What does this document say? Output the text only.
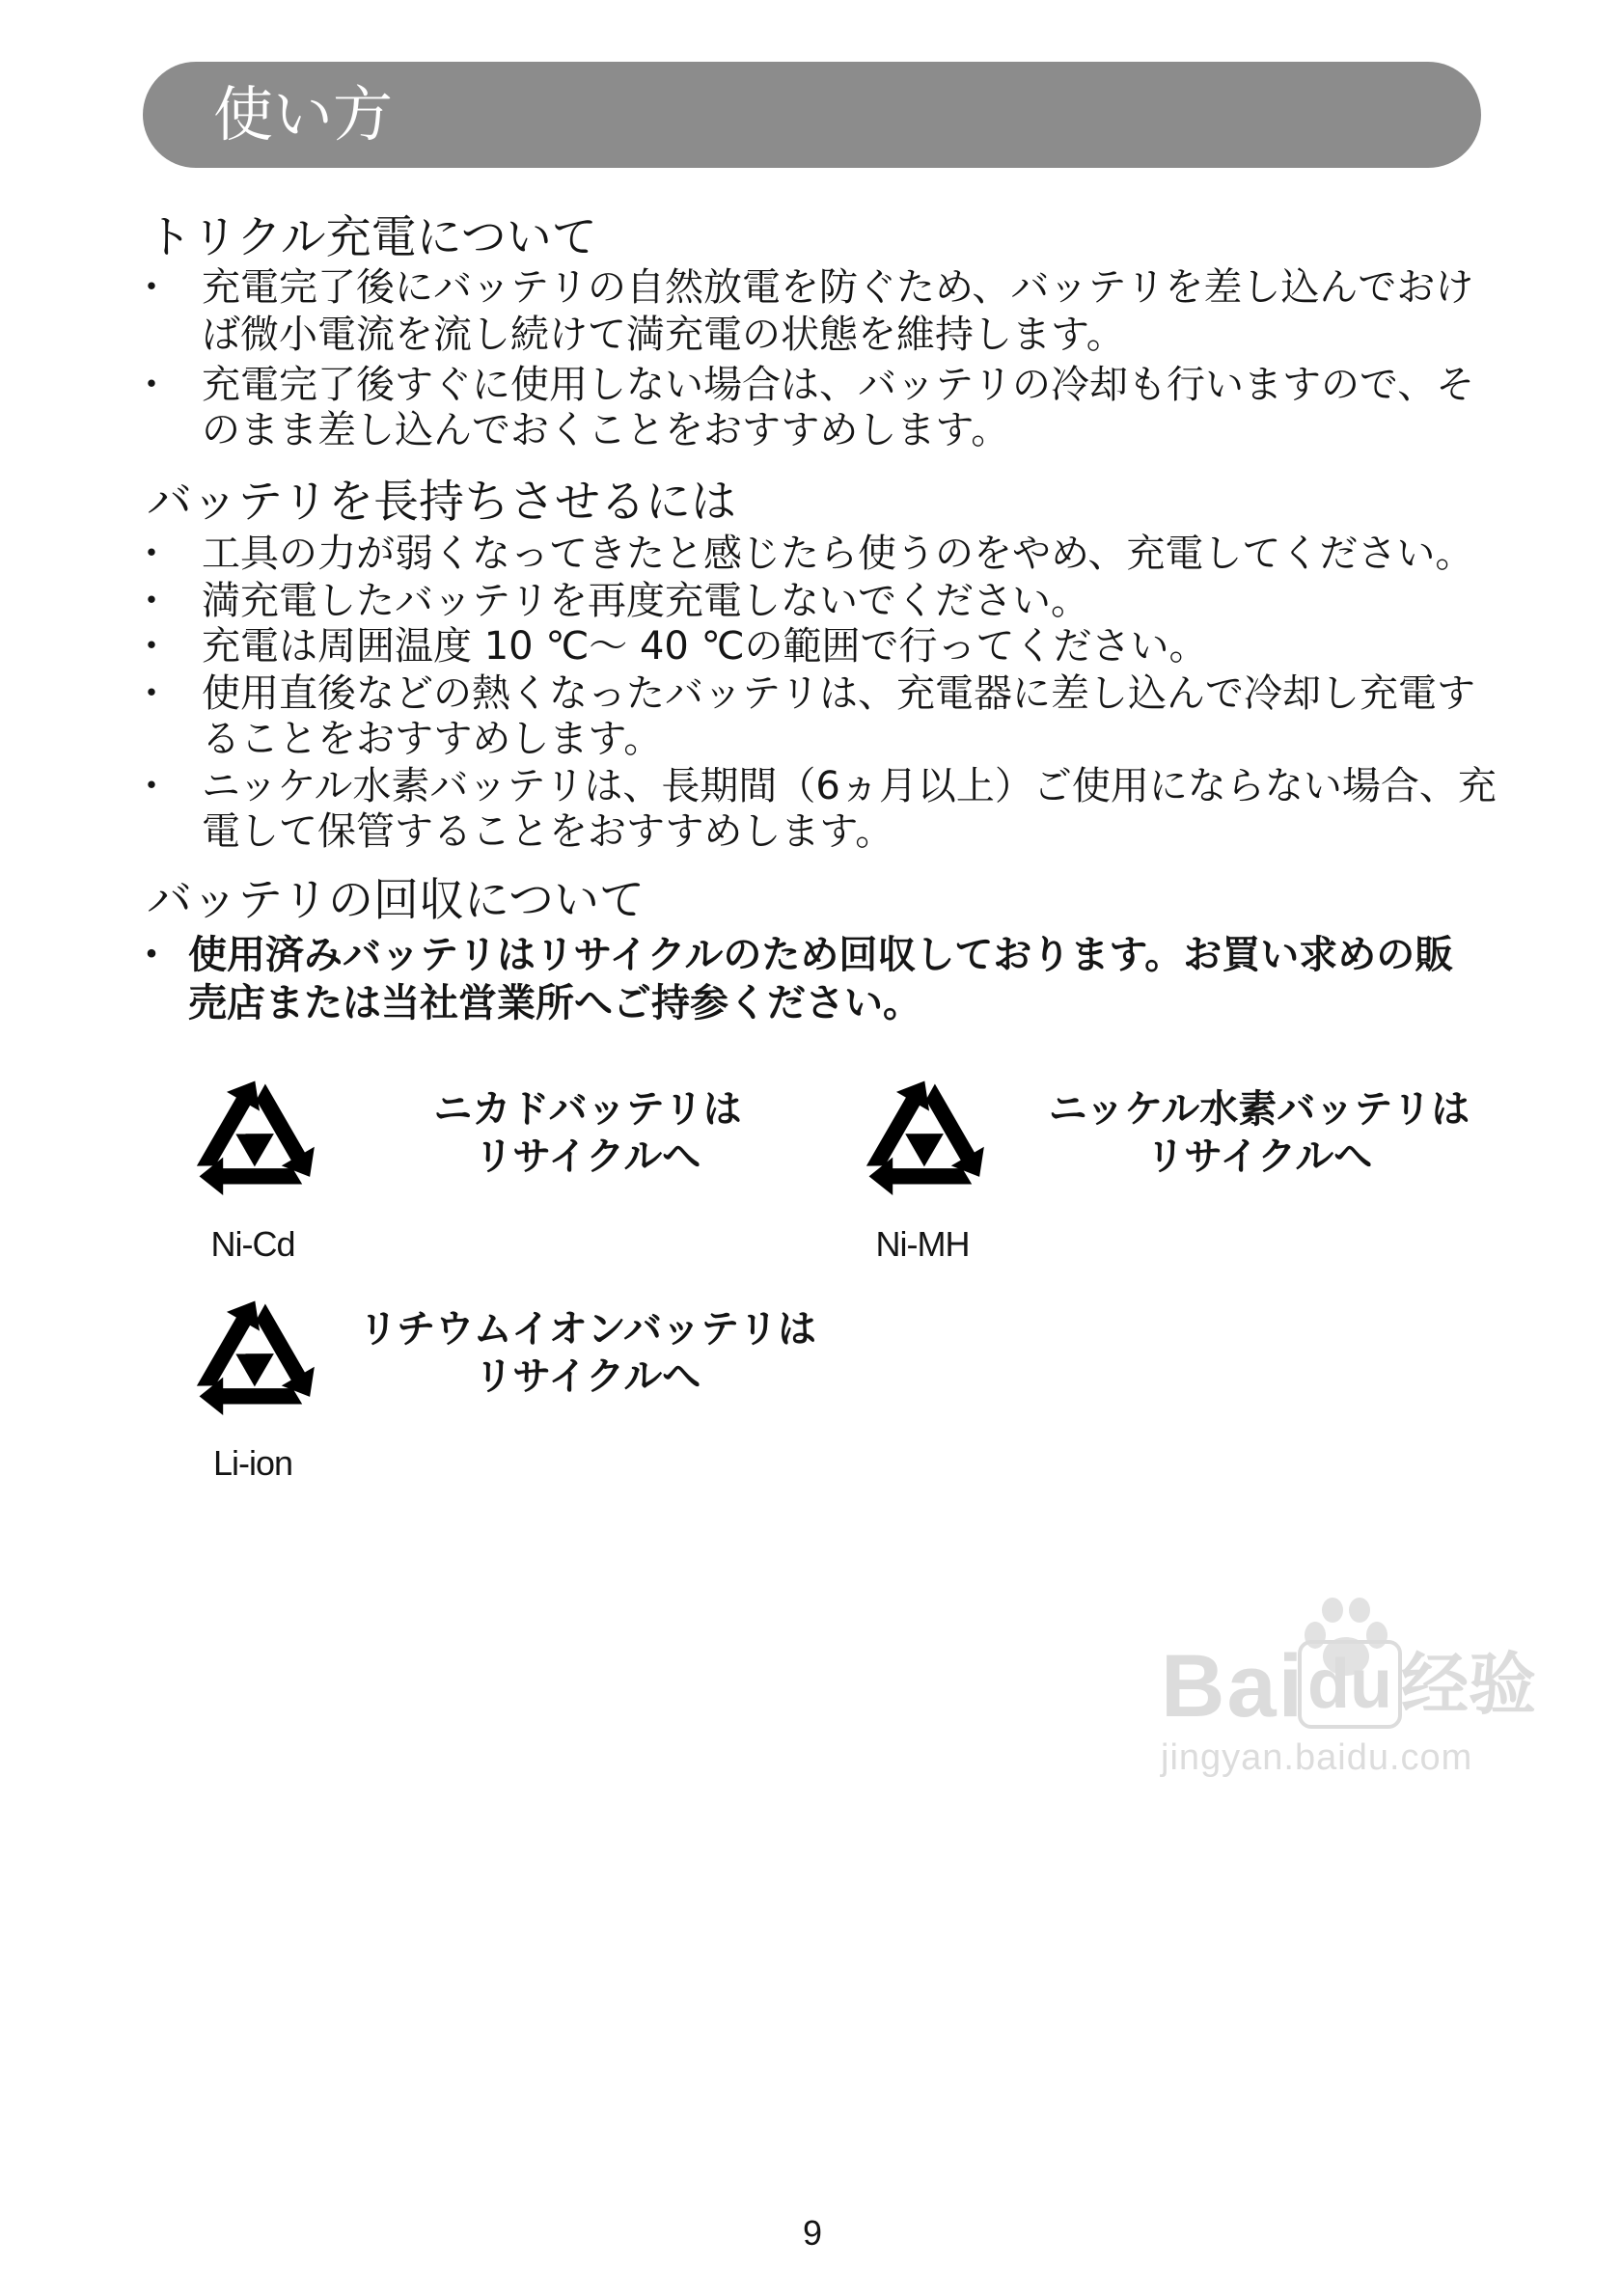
使い方
トリクル充電について
・ 充電完了後にバッテリの自然放電を防ぐため、バッテリを差し込んでおけ
ば微小電流を流し続けて満充電の状態を維持します。
・ 充電完了後すぐに使用しない場合は、バッテリの冷却も行いますので、そ
のまま差し込んでおくことをおすすめします。
バッテリを長持ちさせるには
・ 工具の力が弱くなってきたと感じたら使うのをやめ、充電してください。
・ 満充電したバッテリを再度充電しないでください。
・ 充電は周囲温度 10 ℃～ 40 ℃の範囲で行ってください。
・ 使用直後などの熱くなったバッテリは、充電器に差し込んで冷却し充電す
ることをおすすめします。
・ ニッケル水素バッテリは、長期間（6ヵ月以上）ご使用にならない場合、充
電して保管することをおすすめします。
バッテリの回収について
・ 使用済みバッテリはリサイクルのため回収しております。お買い求めの販
売店または当社営業所へご持参ください。
Ni-Cd
ニカドバッテリは
リサイクルへ
Ni-MH
ニッケル水素バッテリは
リサイクルへ
Li-ion
リチウムイオンバッテリは
リサイクルへ
Bai du 经验
jingyan.baidu.com
9
